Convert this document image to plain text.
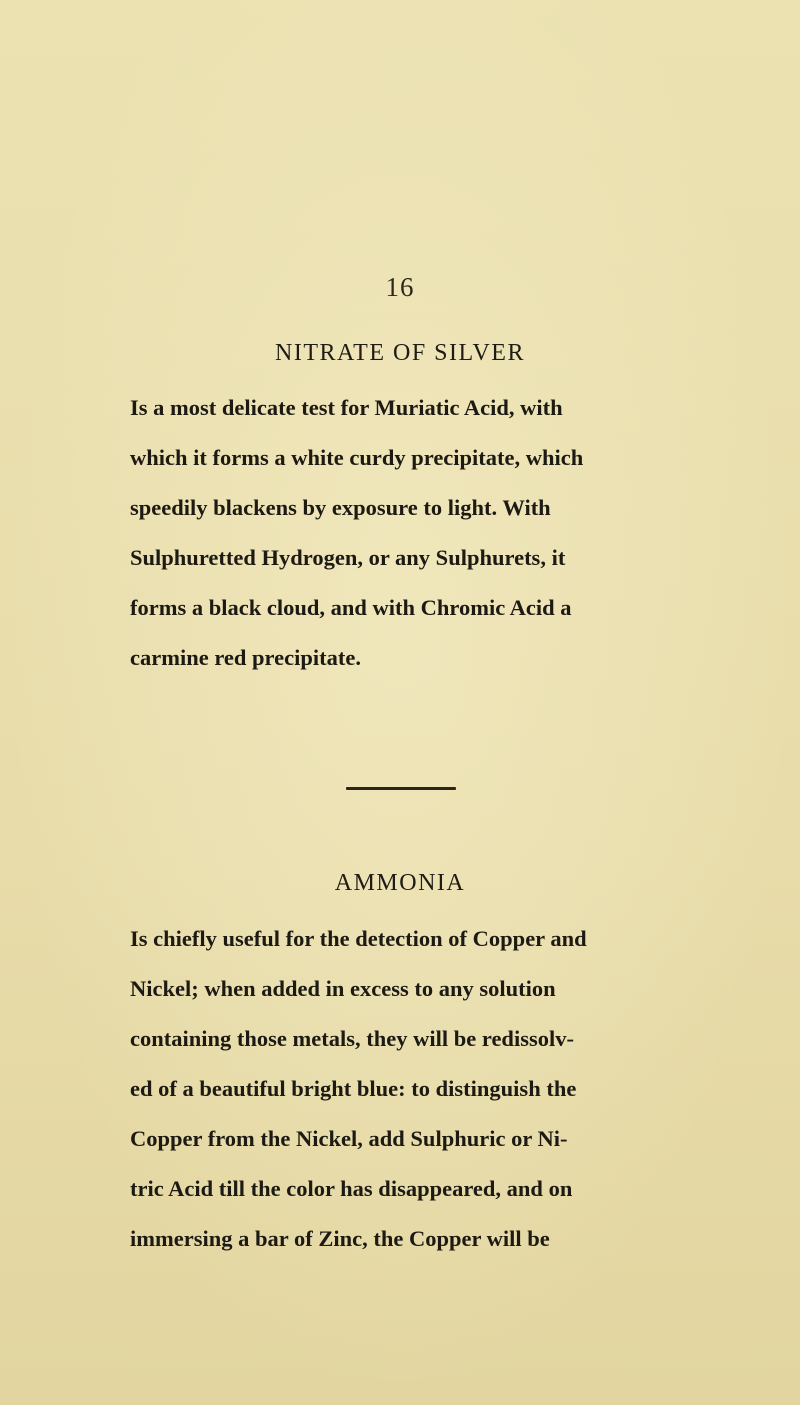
16
NITRATE OF SILVER
Is a most delicate test for Muriatic Acid, with
which it forms a white curdy precipitate, which
speedily blackens by exposure to light. With
Sulphuretted Hydrogen, or any Sulphurets, it
forms a black cloud, and with Chromic Acid a
carmine red precipitate.
AMMONIA
Is chiefly useful for the detection of Copper and
Nickel; when added in excess to any solution
containing those metals, they will be redissolv-
ed of a beautiful bright blue: to distinguish the
Copper from the Nickel, add Sulphuric or Ni-
tric Acid till the color has disappeared, and on
immersing a bar of Zinc, the Copper will be
